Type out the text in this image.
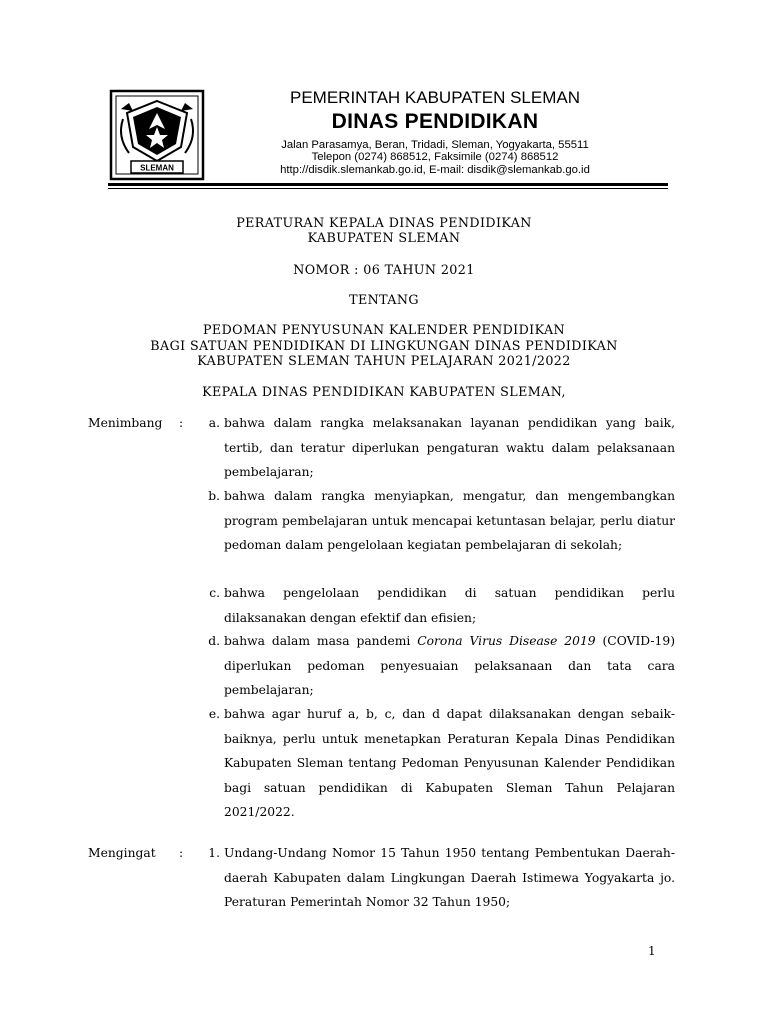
SLEMAN
PEMERINTAH KABUPATEN SLEMAN
DINAS PENDIDIKAN
Jalan Parasamya, Beran, Tridadi, Sleman, Yogyakarta, 55511
Telepon (0274) 868512, Faksimile (0274) 868512
http://disdik.slemankab.go.id, E-mail: disdik@slemankab.go.id
PERATURAN KEPALA DINAS PENDIDIKAN
KABUPATEN SLEMAN
NOMOR : 06 TAHUN 2021
TENTANG
PEDOMAN PENYUSUNAN KALENDER PENDIDIKAN
BAGI SATUAN PENDIDIKAN DI LINGKUNGAN DINAS PENDIDIKAN
KABUPATEN SLEMAN TAHUN PELAJARAN 2021/2022
KEPALA DINAS PENDIDIKAN KABUPATEN SLEMAN,
Menimbang :	a. bahwa dalam rangka melaksanakan layanan pendidikan yang baik, tertib, dan teratur diperlukan pengaturan waktu dalam pelaksanaan pembelajaran;
b. bahwa dalam rangka menyiapkan, mengatur, dan mengembangkan program pembelajaran untuk mencapai ketuntasan belajar, perlu diatur pedoman dalam pengelolaan kegiatan pembelajaran di sekolah;
c. bahwa pengelolaan pendidikan di satuan pendidikan perlu dilaksanakan dengan efektif dan efisien;
d. bahwa dalam masa pandemi Corona Virus Disease 2019 (COVID-19) diperlukan pedoman penyesuaian pelaksanaan dan tata cara pembelajaran;
e. bahwa agar huruf a, b, c, dan d dapat dilaksanakan dengan sebaik-baiknya, perlu untuk menetapkan Peraturan Kepala Dinas Pendidikan Kabupaten Sleman tentang Pedoman Penyusunan Kalender Pendidikan bagi satuan pendidikan di Kabupaten Sleman Tahun Pelajaran 2021/2022.
Mengingat :	1. Undang-Undang Nomor 15 Tahun 1950 tentang Pembentukan Daerah-daerah Kabupaten dalam Lingkungan Daerah Istimewa Yogyakarta jo. Peraturan Pemerintah Nomor 32 Tahun 1950;
1
